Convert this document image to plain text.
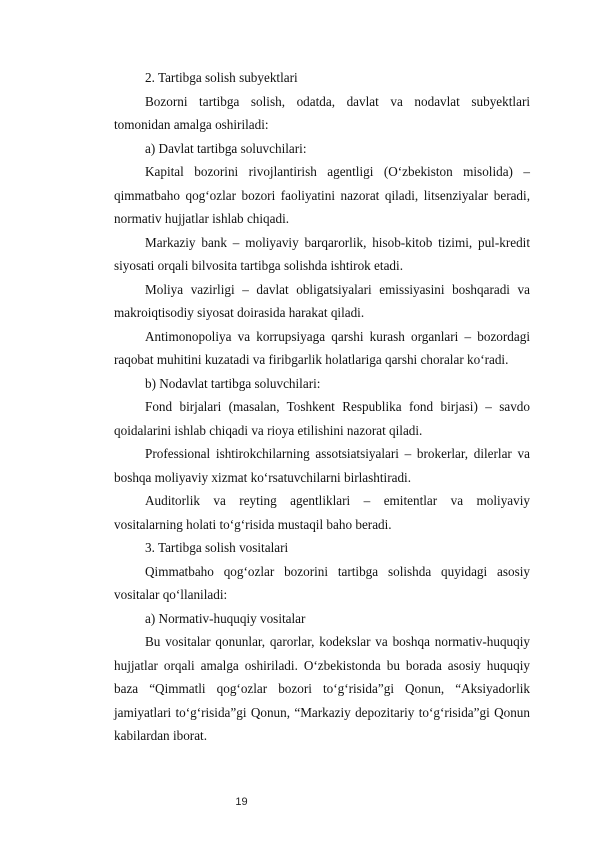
2. Tartibga solish subyektlari

Bozorni tartibga solish, odatda, davlat va nodavlat subyektlari tomonidan amalga oshiriladi:

a) Davlat tartibga soluvchilari:

Kapital bozorini rivojlantirish agentligi (O‘zbekiston misolida) – qimmatbaho qog‘ozlar bozori faoliyatini nazorat qiladi, litsenziyalar beradi, normativ hujjatlar ishlab chiqadi.

Markaziy bank – moliyaviy barqarorlik, hisob-kitob tizimi, pul-kredit siyosati orqali bilvosita tartibga solishda ishtirok etadi.

Moliya vazirligi – davlat obligatsiyalari emissiyasini boshqaradi va makroiqtisodiy siyosat doirasida harakat qiladi.

Antimonopoliya va korrupsiyaga qarshi kurash organlari – bozordagi raqobat muhitini kuzatadi va firibgarlik holatlariga qarshi choralar ko‘radi.

b) Nodavlat tartibga soluvchilari:

Fond birjalari (masalan, Toshkent Respublika fond birjasi) – savdo qoidalarini ishlab chiqadi va rioya etilishini nazorat qiladi.

Professional ishtirokchilarning assotsiatsiyalari – brokerlar, dilerlar va boshqa moliyaviy xizmat ko‘rsatuvchilarni birlashtiradi.

Auditorlik va reyting agentliklari – emitentlar va moliyaviy vositalarning holati to‘g‘risida mustaqil baho beradi.

3. Tartibga solish vositalari

Qimmatbaho qog‘ozlar bozorini tartibga solishda quyidagi asosiy vositalar qo‘llaniladi:

a) Normativ-huquqiy vositalar

Bu vositalar qonunlar, qarorlar, kodekslar va boshqa normativ-huquqiy hujjatlar orqali amalga oshiriladi. O‘zbekistonda bu borada asosiy huquqiy baza “Qimmatli qog‘ozlar bozori to‘g‘risida”gi Qonun, “Aksiyadorlik jamiyatlari to‘g‘risida”gi Qonun, “Markaziy depozitariy to‘g‘risida”gi Qonun kabilardan iborat.

19
